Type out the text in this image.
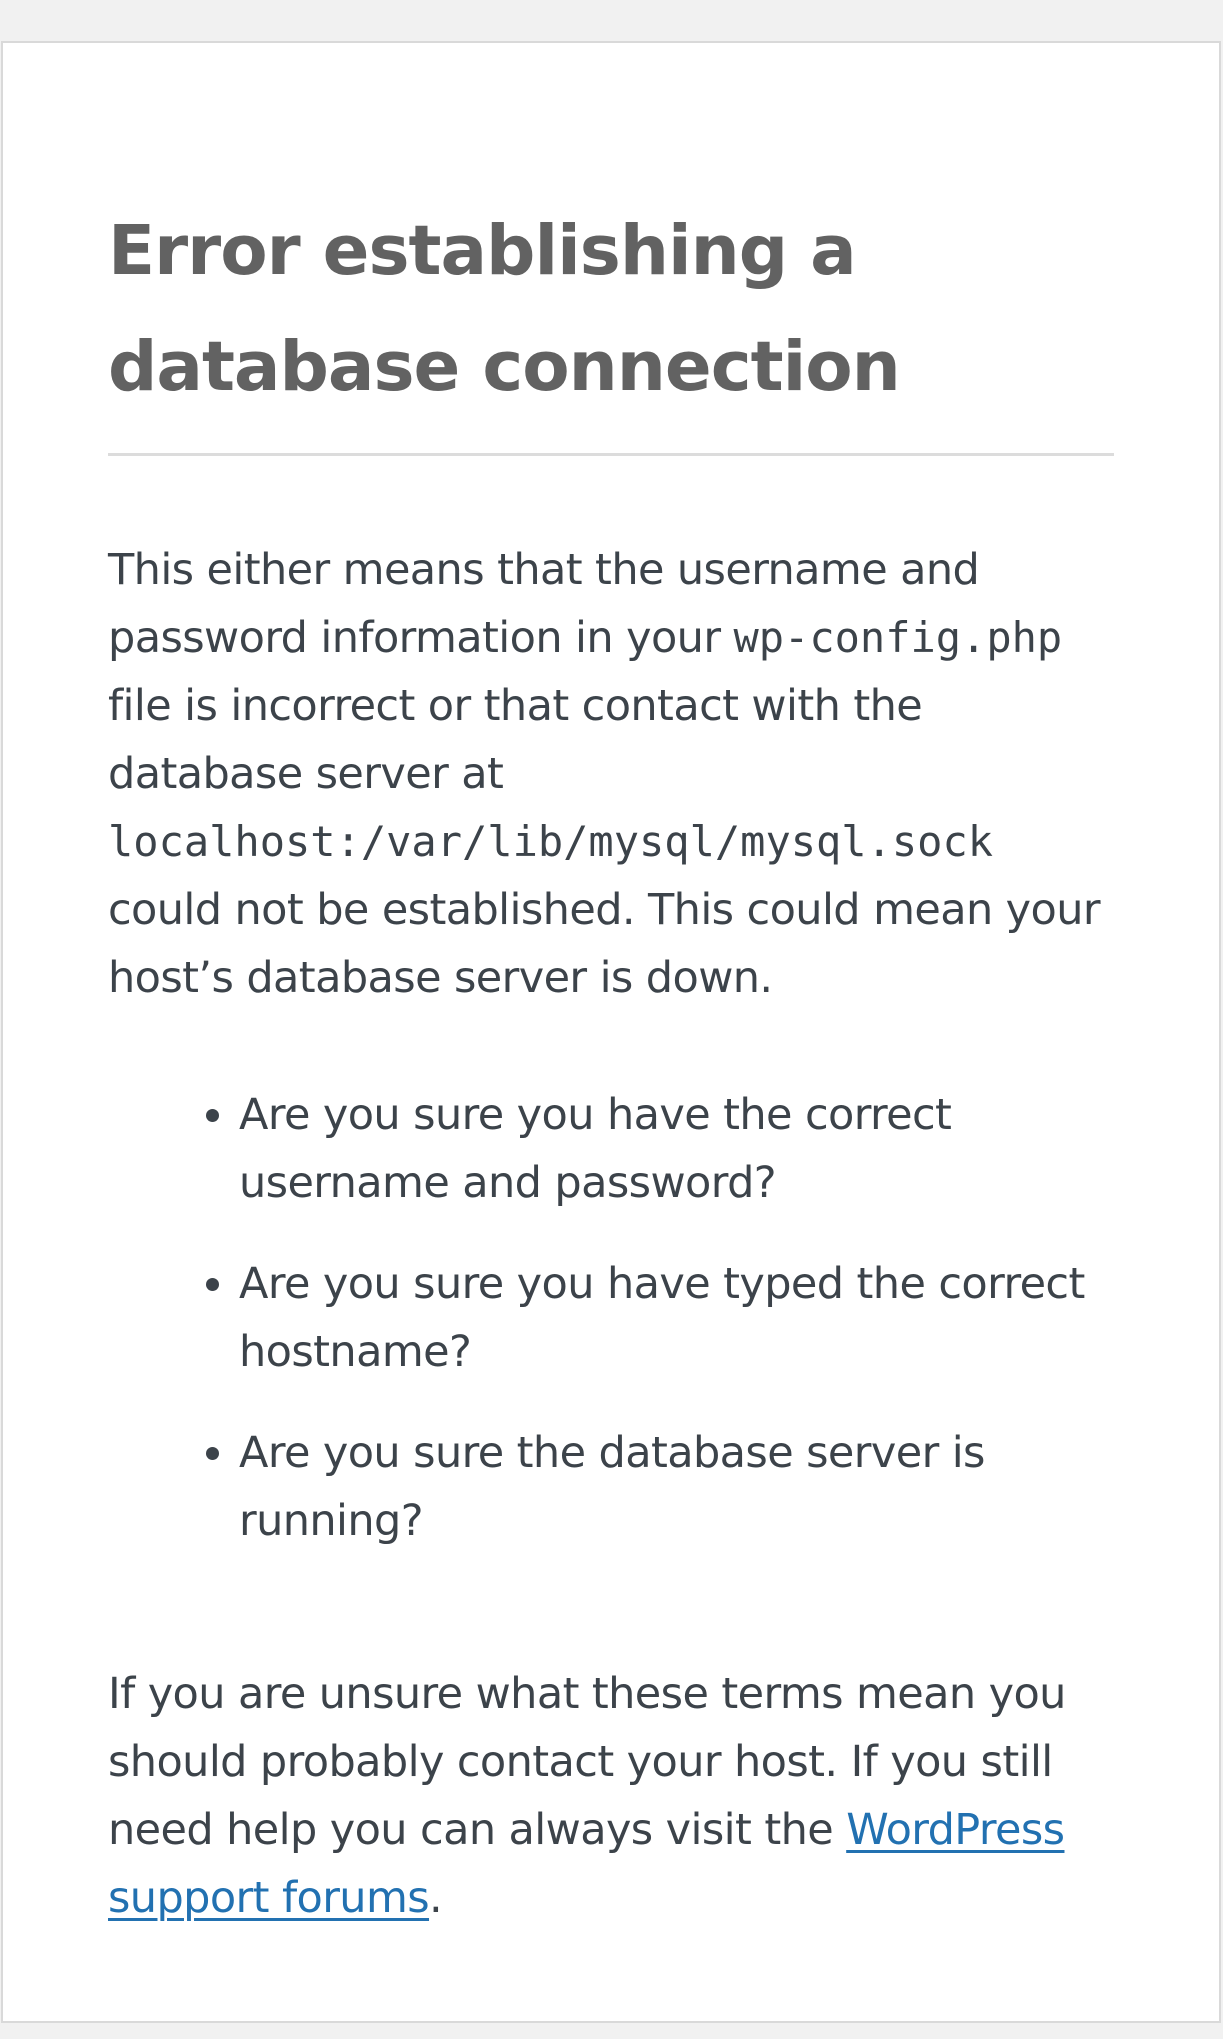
Error establishing a database connection

This either means that the username and password information in your wp-config.php file is incorrect or that contact with the database server at localhost:/var/lib/mysql/mysql.sock could not be established. This could mean your host’s database server is down.

• Are you sure you have the correct username and password?
• Are you sure you have typed the correct hostname?
• Are you sure the database server is running?

If you are unsure what these terms mean you should probably contact your host. If you still need help you can always visit the WordPress support forums.
